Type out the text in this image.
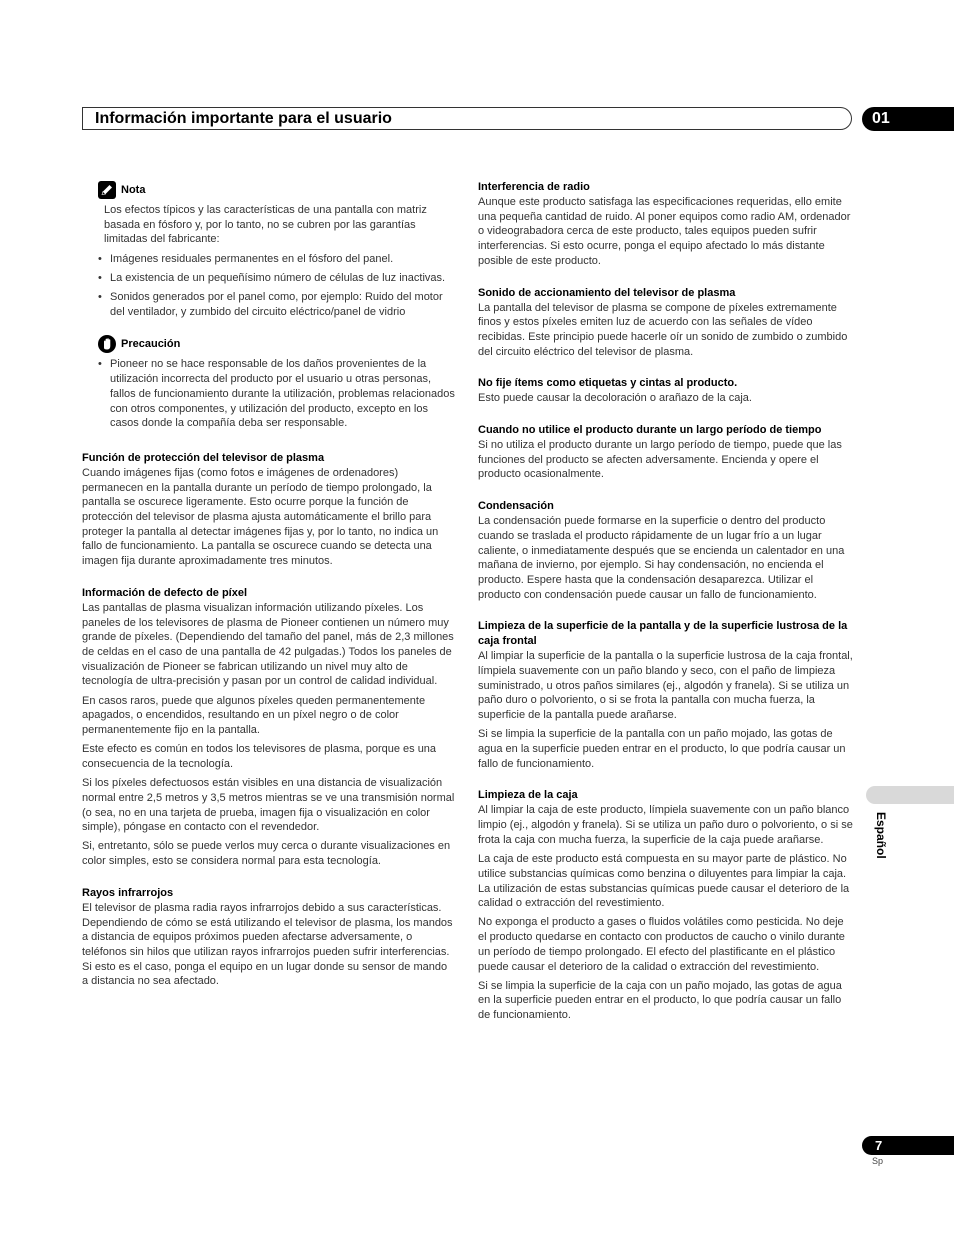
Información importante para el usuario	01
Español
7
Sp
Nota

Los efectos típicos y las características de una pantalla con matriz basada en fósforo y, por lo tanto, no se cubren por las garantías limitadas del fabricante:

• Imágenes residuales permanentes en el fósforo del panel.
• La existencia de un pequeñísimo número de células de luz inactivas.
• Sonidos generados por el panel como, por ejemplo: Ruido del motor del ventilador, y zumbido del circuito eléctrico/panel de vidrio
Precaución
• Pioneer no se hace responsable de los daños provenientes de la utilización incorrecta del producto por el usuario u otras personas, fallos de funcionamiento durante la utilización, problemas relacionados con otros componentes, y utilización del producto, excepto en los casos donde la compañía deba ser responsable.
Función de protección del televisor de plasma

Cuando imágenes fijas (como fotos e imágenes de ordenadores) permanecen en la pantalla durante un período de tiempo prolongado, la pantalla se oscurece ligeramente. Esto ocurre porque la función de protección del televisor de plasma ajusta automáticamente el brillo para proteger la pantalla al detectar imágenes fijas y, por lo tanto, no indica un fallo de funcionamiento. La pantalla se oscurece cuando se detecta una imagen fija durante aproximadamente tres minutos.

Información de defecto de píxel

Las pantallas de plasma visualizan información utilizando píxeles. Los paneles de los televisores de plasma de Pioneer contienen un número muy grande de píxeles. (Dependiendo del tamaño del panel, más de 2,3 millones de celdas en el caso de una pantalla de 42 pulgadas.) Todos los paneles de visualización de Pioneer se fabrican utilizando un nivel muy alto de tecnología de ultra-precisión y pasan por un control de calidad individual.

En casos raros, puede que algunos píxeles queden permanentemente apagados, o encendidos, resultando en un píxel negro o de color permanentemente fijo en la pantalla.

Este efecto es común en todos los televisores de plasma, porque es una consecuencia de la tecnología.

Si los píxeles defectuosos están visibles en una distancia de visualización normal entre 2,5 metros y 3,5 metros mientras se ve una transmisión normal (o sea, no en una tarjeta de prueba, imagen fija o visualización en color simple), póngase en contacto con el revendedor.

Si, entretanto, sólo se puede verlos muy cerca o durante visualizaciones en color simples, esto se considera normal para esta tecnología.

Rayos infrarrojos

El televisor de plasma radia rayos infrarrojos debido a sus características. Dependiendo de cómo se está utilizando el televisor de plasma, los mandos a distancia de equipos próximos pueden afectarse adversamente, o teléfonos sin hilos que utilizan rayos infrarrojos pueden sufrir interferencias. Si esto es el caso, ponga el equipo en un lugar donde su sensor de mando a distancia no sea afectado.

Interferencia de radio

Aunque este producto satisfaga las especificaciones requeridas, ello emite una pequeña cantidad de ruido. Al poner equipos como radio AM, ordenador o videograbadora cerca de este producto, tales equipos pueden sufrir interferencias. Si esto ocurre, ponga el equipo afectado lo más distante posible de este producto.

Sonido de accionamiento del televisor de plasma

La pantalla del televisor de plasma se compone de píxeles extremamente finos y estos píxeles emiten luz de acuerdo con las señales de vídeo recibidas. Este principio puede hacerle oír un sonido de zumbido o zumbido del circuito eléctrico del televisor de plasma.

No fije ítems como etiquetas y cintas al producto.

Esto puede causar la decoloración o arañazo de la caja.

Cuando no utilice el producto durante un largo período de tiempo

Si no utiliza el producto durante un largo período de tiempo, puede que las funciones del producto se afecten adversamente. Encienda y opere el producto ocasionalmente.

Condensación

La condensación puede formarse en la superficie o dentro del producto cuando se traslada el producto rápidamente de un lugar frío a un lugar caliente, o inmediatamente después que se encienda un calentador en una mañana de invierno, por ejemplo. Si hay condensación, no encienda el producto. Espere hasta que la condensación desaparezca. Utilizar el producto con condensación puede causar un fallo de funcionamiento.

Limpieza de la superficie de la pantalla y de la superficie lustrosa de la caja frontal

Al limpiar la superficie de la pantalla o la superficie lustrosa de la caja frontal, límpiela suavemente con un paño blando y seco, con el paño de limpieza suministrado, u otros paños similares (ej., algodón y franela). Si se utiliza un paño duro o polvoriento, o si se frota la pantalla con mucha fuerza, la superficie de la pantalla puede arañarse.

Si se limpia la superficie de la pantalla con un paño mojado, las gotas de agua en la superficie pueden entrar en el producto, lo que podría causar un fallo de funcionamiento.

Limpieza de la caja

Al limpiar la caja de este producto, límpiela suavemente con un paño blanco limpio (ej., algodón y franela). Si se utiliza un paño duro o polvoriento, o si se frota la caja con mucha fuerza, la superficie de la caja puede arañarse.

La caja de este producto está compuesta en su mayor parte de plástico. No utilice substancias químicas como benzina o diluyentes para limpiar la caja. La utilización de estas substancias químicas puede causar el deterioro de la calidad o extracción del revestimiento.

No exponga el producto a gases o fluidos volátiles como pesticida. No deje el producto quedarse en contacto con productos de caucho o vinilo durante un período de tiempo prolongado. El efecto del plastificante en el plástico puede causar el deterioro de la calidad o extracción del revestimiento.

Si se limpia la superficie de la caja con un paño mojado, las gotas de agua en la superficie pueden entrar en el producto, lo que podría causar un fallo de funcionamiento.
